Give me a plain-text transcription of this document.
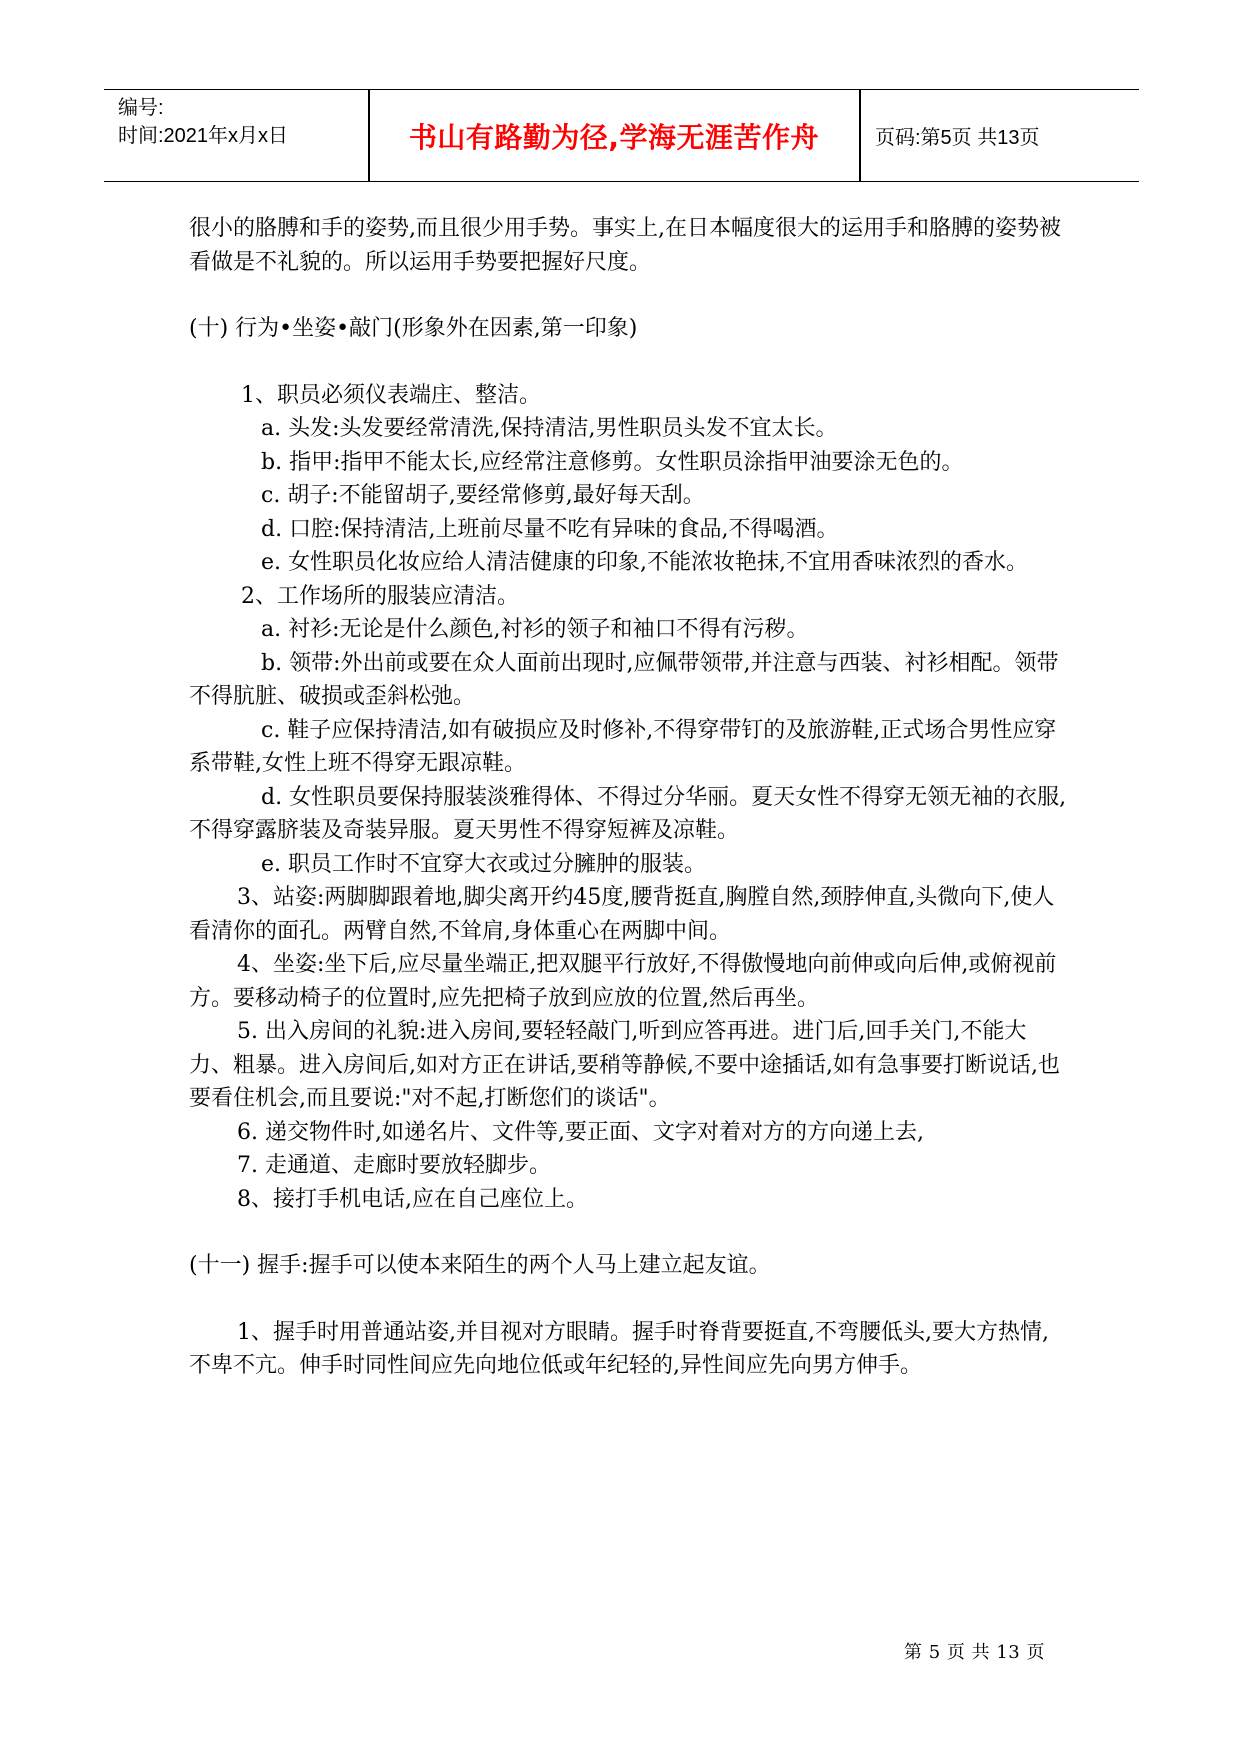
编号:
时间:2021年x月x日	书山有路勤为径,学海无涯苦作舟	页码:第5页 共13页

很小的胳膊和手的姿势,而且很少用手势。事实上,在日本幅度很大的运用手和胳膊的姿势被看做是不礼貌的。所以运用手势要把握好尺度。

(十) 行为•坐姿•敲门(形象外在因素,第一印象)

1、职员必须仪表端庄、整洁。

a. 头发:头发要经常清洗,保持清洁,男性职员头发不宜太长。

b. 指甲:指甲不能太长,应经常注意修剪。女性职员涂指甲油要涂无色的。

c. 胡子:不能留胡子,要经常修剪,最好每天刮。

d. 口腔:保持清洁,上班前尽量不吃有异味的食品,不得喝酒。

e. 女性职员化妆应给人清洁健康的印象,不能浓妆艳抹,不宜用香味浓烈的香水。

2、工作场所的服装应清洁。

a. 衬衫:无论是什么颜色,衬衫的领子和袖口不得有污秽。

b. 领带:外出前或要在众人面前出现时,应佩带领带,并注意与西装、衬衫相配。领带不得肮脏、破损或歪斜松弛。

c. 鞋子应保持清洁,如有破损应及时修补,不得穿带钉的及旅游鞋,正式场合男性应穿系带鞋,女性上班不得穿无跟凉鞋。

d. 女性职员要保持服装淡雅得体、不得过分华丽。夏天女性不得穿无领无袖的衣服,不得穿露脐装及奇装异服。夏天男性不得穿短裤及凉鞋。

e. 职员工作时不宜穿大衣或过分臃肿的服装。

3、站姿:两脚脚跟着地,脚尖离开约45度,腰背挺直,胸膛自然,颈脖伸直,头微向下,使人看清你的面孔。两臂自然,不耸肩,身体重心在两脚中间。

4、坐姿:坐下后,应尽量坐端正,把双腿平行放好,不得傲慢地向前伸或向后伸,或俯视前方。要移动椅子的位置时,应先把椅子放到应放的位置,然后再坐。

5. 出入房间的礼貌:进入房间,要轻轻敲门,听到应答再进。进门后,回手关门,不能大力、粗暴。进入房间后,如对方正在讲话,要稍等静候,不要中途插话,如有急事要打断说话,也要看住机会,而且要说:"对不起,打断您们的谈话"。

6. 递交物件时,如递名片、文件等,要正面、文字对着对方的方向递上去,

7. 走通道、走廊时要放轻脚步。

8、接打手机电话,应在自己座位上。

(十一) 握手:握手可以使本来陌生的两个人马上建立起友谊。

1、握手时用普通站姿,并目视对方眼睛。握手时脊背要挺直,不弯腰低头,要大方热情,不卑不亢。伸手时同性间应先向地位低或年纪轻的,异性间应先向男方伸手。

第 5 页 共 13 页
